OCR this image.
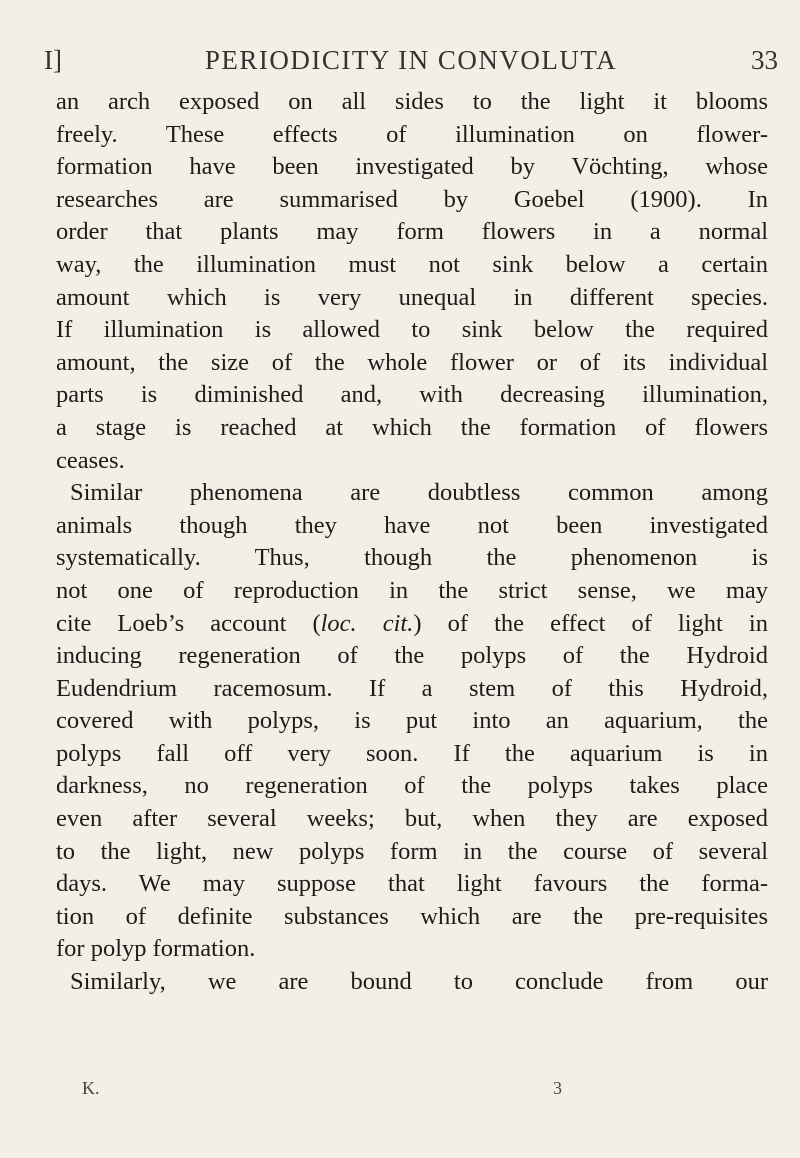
I]	PERIODICITY IN CONVOLUTA	33
an arch exposed on all sides to the light it blooms
freely. These effects of illumination on flower-
formation have been investigated by Vöchting, whose
researches are summarised by Goebel (1900). In
order that plants may form flowers in a normal
way, the illumination must not sink below a certain
amount which is very unequal in different species.
If illumination is allowed to sink below the required
amount, the size of the whole flower or of its individual
parts is diminished and, with decreasing illumination,
a stage is reached at which the formation of flowers
ceases.
Similar phenomena are doubtless common among
animals though they have not been investigated
systematically. Thus, though the phenomenon is
not one of reproduction in the strict sense, we may
cite Loeb’s account (loc. cit.) of the effect of light in
inducing regeneration of the polyps of the Hydroid
Eudendrium racemosum. If a stem of this Hydroid,
covered with polyps, is put into an aquarium, the
polyps fall off very soon. If the aquarium is in
darkness, no regeneration of the polyps takes place
even after several weeks; but, when they are exposed
to the light, new polyps form in the course of several
days. We may suppose that light favours the forma-
tion of definite substances which are the pre-requisites
for polyp formation.
Similarly, we are bound to conclude from our
K.	3
